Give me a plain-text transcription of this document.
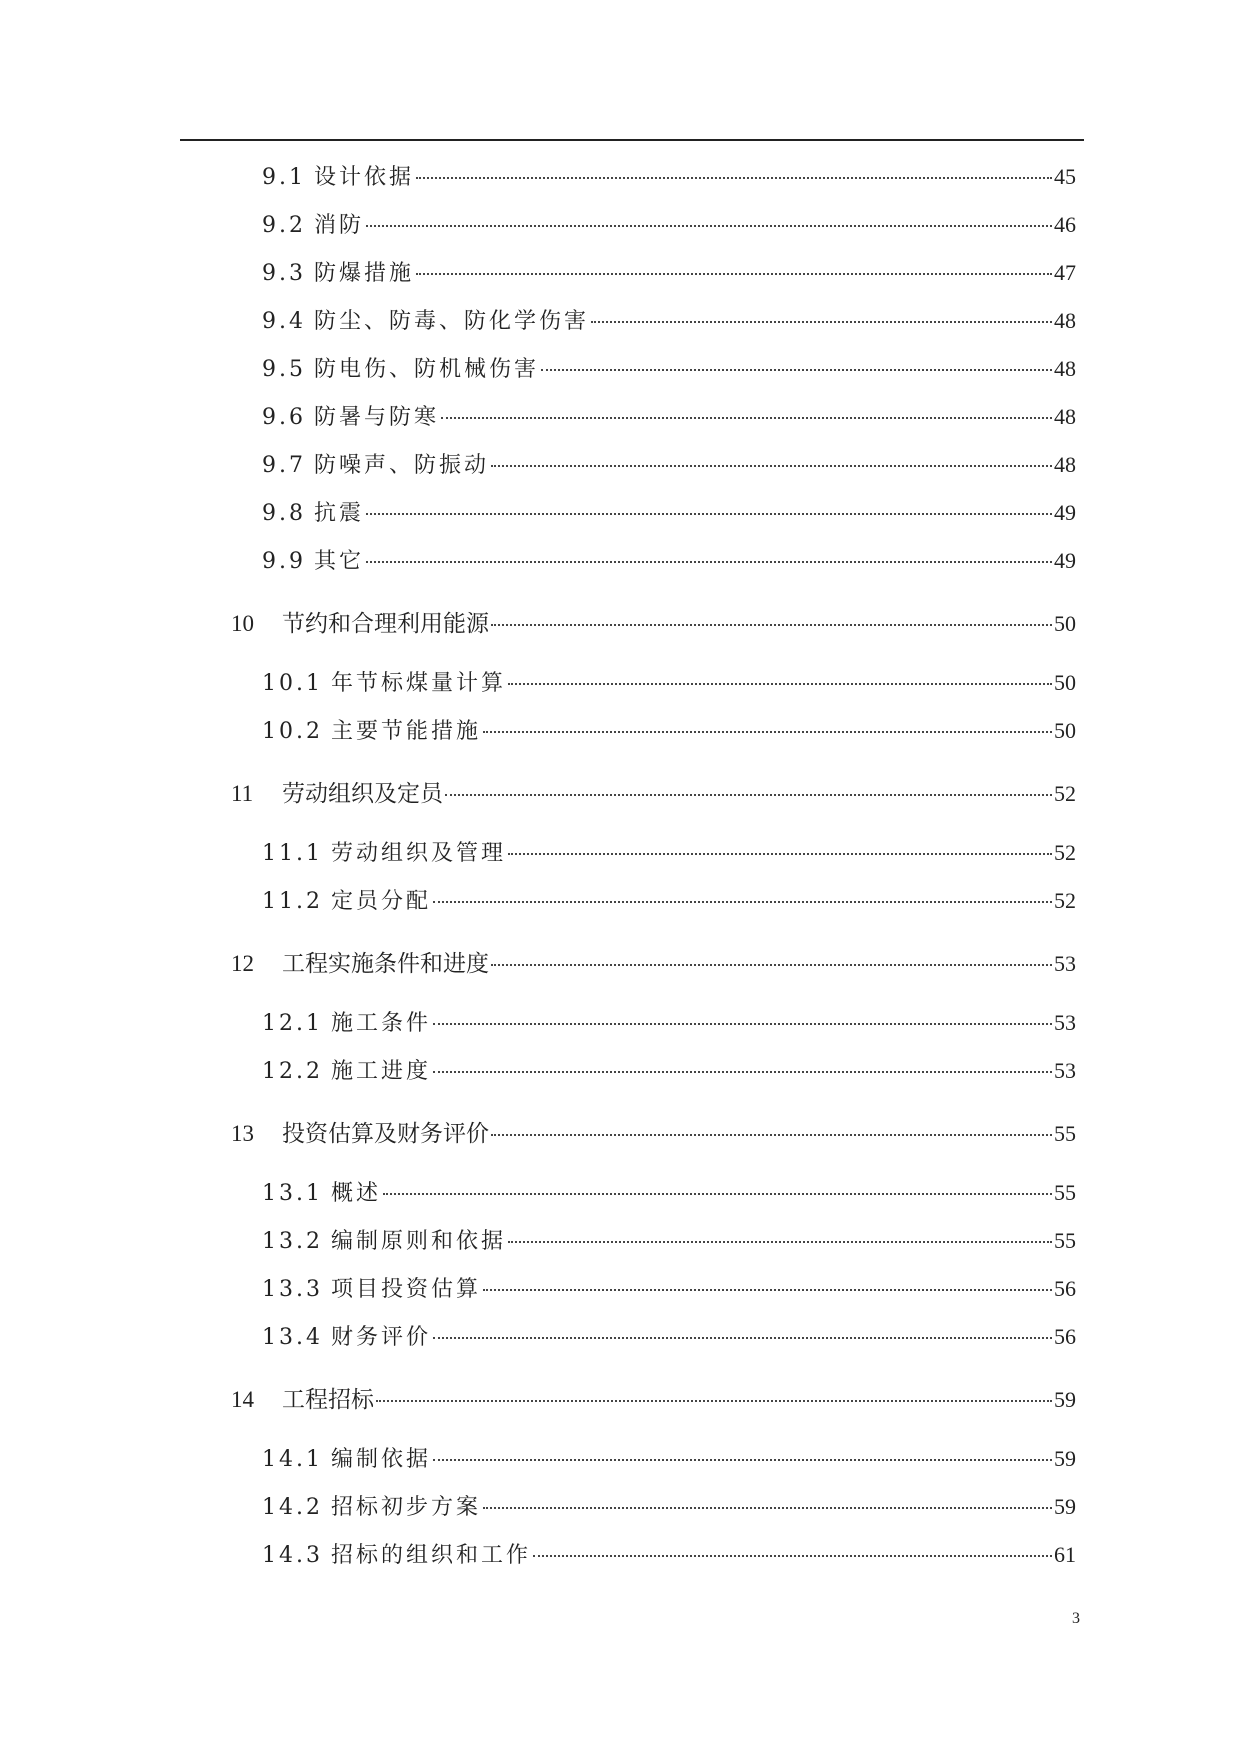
9.1 设计依据	45
9.2 消防	46
9.3 防爆措施	47
9.4 防尘、防毒、防化学伤害	48
9.5 防电伤、防机械伤害	48
9.6 防暑与防寒	48
9.7 防噪声、防振动	48
9.8 抗震	49
9.9 其它	49
10	节约和合理利用能源	50
10.1 年节标煤量计算	50
10.2 主要节能措施	50
11	劳动组织及定员	52
11.1 劳动组织及管理	52
11.2 定员分配	52
12	工程实施条件和进度	53
12.1 施工条件	53
12.2 施工进度	53
13	投资估算及财务评价	55
13.1 概述	55
13.2 编制原则和依据	55
13.3 项目投资估算	56
13.4 财务评价	56
14	工程招标	59
14.1 编制依据	59
14.2 招标初步方案	59
14.3 招标的组织和工作	61
3
